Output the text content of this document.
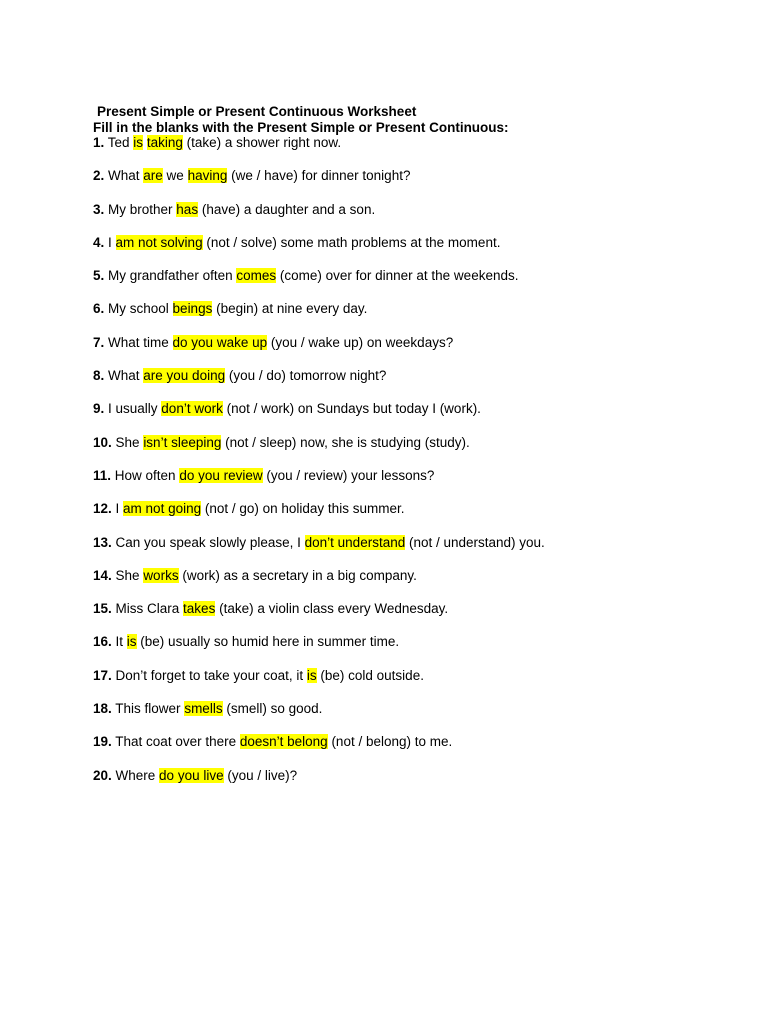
Present Simple or Present Continuous Worksheet
Fill in the blanks with the Present Simple or Present Continuous:
1. Ted is taking (take) a shower right now.
2. What are we having (we / have) for dinner tonight?
3. My brother has (have) a daughter and a son.
4. I am not solving (not / solve) some math problems at the moment.
5. My grandfather often comes (come) over for dinner at the weekends.
6. My school beings (begin) at nine every day.
7. What time do you wake up (you / wake up) on weekdays?
8. What are you doing (you / do) tomorrow night?
9. I usually don’t work (not / work) on Sundays but today I (work).
10. She isn’t sleeping (not / sleep) now, she is studying (study).
11. How often do you review (you / review) your lessons?
12. I am not going (not / go) on holiday this summer.
13. Can you speak slowly please, I don’t understand (not / understand) you.
14. She works (work) as a secretary in a big company.
15. Miss Clara takes (take) a violin class every Wednesday.
16. It is (be) usually so humid here in summer time.
17. Don’t forget to take your coat, it is (be) cold outside.
18. This flower smells (smell) so good.
19. That coat over there doesn’t belong (not / belong) to me.
20. Where do you live (you / live)?
